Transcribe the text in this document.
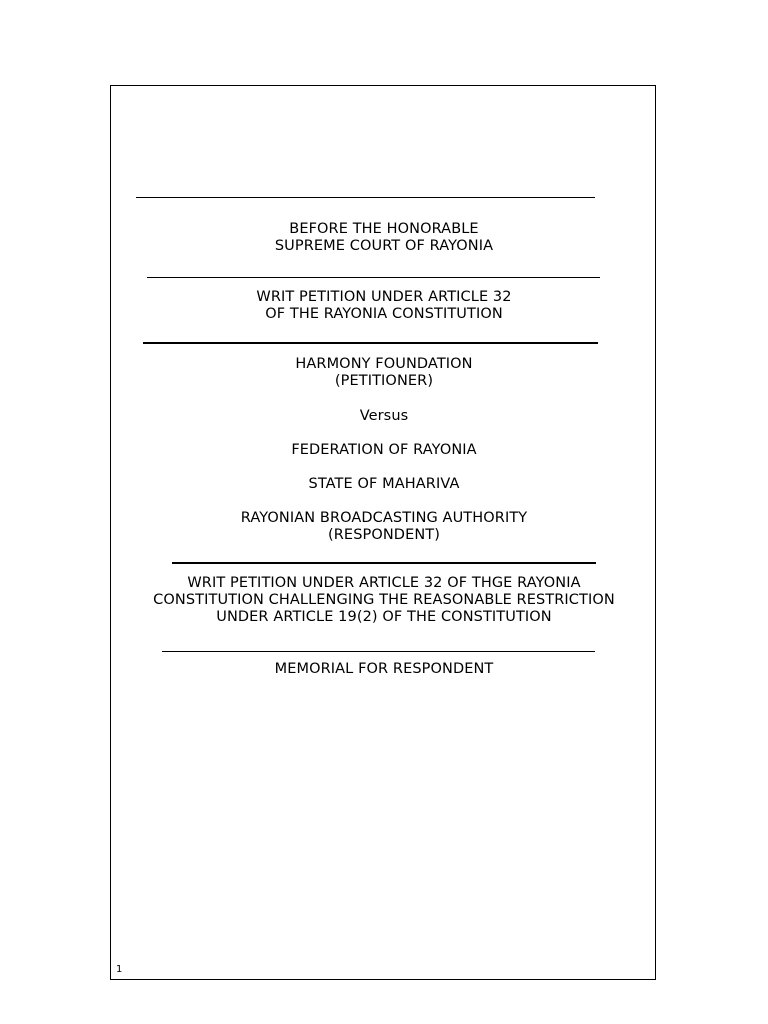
BEFORE THE HONORABLE
SUPREME COURT OF RAYONIA
WRIT PETITION UNDER ARTICLE 32
OF THE RAYONIA CONSTITUTION
HARMONY FOUNDATION
(PETITIONER)
Versus
FEDERATION OF RAYONIA
STATE OF MAHARIVA
RAYONIAN BROADCASTING AUTHORITY
(RESPONDENT)
WRIT PETITION UNDER ARTICLE 32 OF THGE RAYONIA
CONSTITUTION CHALLENGING THE REASONABLE RESTRICTION
UNDER ARTICLE 19(2) OF THE CONSTITUTION
MEMORIAL FOR RESPONDENT
1
